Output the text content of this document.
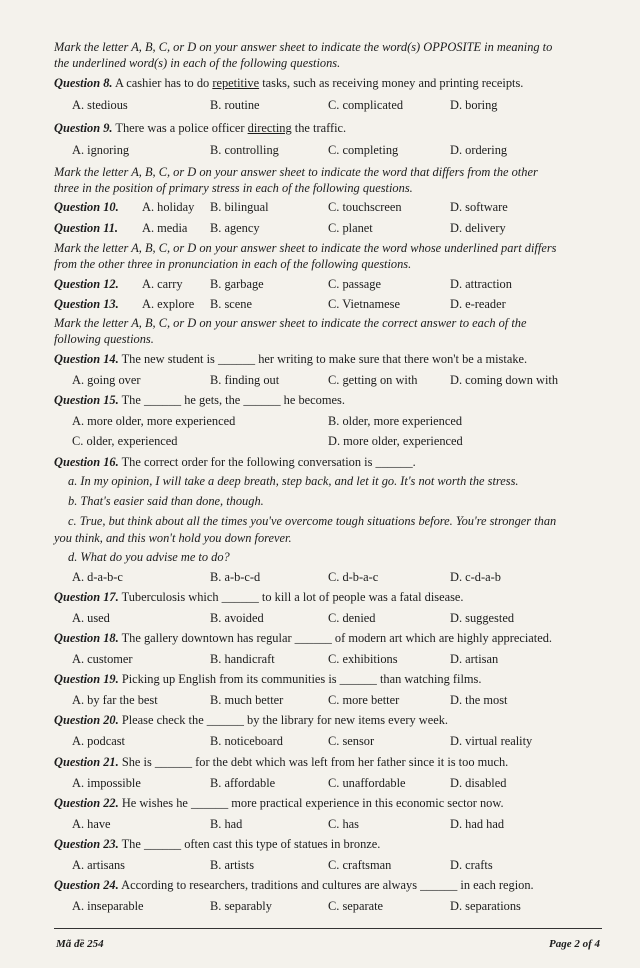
Mark the letter A, B, C, or D on your answer sheet to indicate the word(s) OPPOSITE in meaning to
the underlined word(s) in each of the following questions.
Question 8. A cashier has to do repetitive tasks, such as receiving money and printing receipts.
A. stedious	B. routine	C. complicated	D. boring
Question 9. There was a police officer directing the traffic.
A. ignoring	B. controlling	C. completing	D. ordering
Mark the letter A, B, C, or D on your answer sheet to indicate the word that differs from the other
three in the position of primary stress in each of the following questions.
Question 10. A. holiday B. bilingual	C. touchscreen	D. software
Question 11. A. media B. agency	C. planet	D. delivery
Mark the letter A, B, C, or D on your answer sheet to indicate the word whose underlined part differs
from the other three in pronunciation in each of the following questions.
Question 12. A. carry B. garbage	C. passage	D. attraction
Question 13. A. explore B. scene	C. Vietnamese	D. e-reader
Mark the letter A, B, C, or D on your answer sheet to indicate the correct answer to each of the
following questions.
Question 14. The new student is ______ her writing to make sure that there won't be a mistake.
A. going over	B. finding out	C. getting on with	D. coming down with
Question 15. The ______ he gets, the ______ he becomes.
A. more older, more experienced	B. older, more experienced
C. older, experienced	D. more older, experienced
Question 16. The correct order for the following conversation is ______.
a. In my opinion, I will take a deep breath, step back, and let it go. It's not worth the stress.
b. That's easier said than done, though.
c. True, but think about all the times you've overcome tough situations before. You're stronger than
you think, and this won't hold you down forever.
d. What do you advise me to do?
A. d-a-b-c	B. a-b-c-d	C. d-b-a-c	D. c-d-a-b
Question 17. Tuberculosis which ______ to kill a lot of people was a fatal disease.
A. used	B. avoided	C. denied	D. suggested
Question 18. The gallery downtown has regular ______ of modern art which are highly appreciated.
A. customer	B. handicraft	C. exhibitions	D. artisan
Question 19. Picking up English from its communities is ______ than watching films.
A. by far the best	B. much better	C. more better	D. the most
Question 20. Please check the ______ by the library for new items every week.
A. podcast	B. noticeboard	C. sensor	D. virtual reality
Question 21. She is ______ for the debt which was left from her father since it is too much.
A. impossible	B. affordable	C. unaffordable	D. disabled
Question 22. He wishes he ______ more practical experience in this economic sector now.
A. have	B. had	C. has	D. had had
Question 23. The ______ often cast this type of statues in bronze.
A. artisans	B. artists	C. craftsman	D. crafts
Question 24. According to researchers, traditions and cultures are always ______ in each region.
A. inseparable	B. separably	C. separate	D. separations
Mã đề 254	Page 2 of 4
